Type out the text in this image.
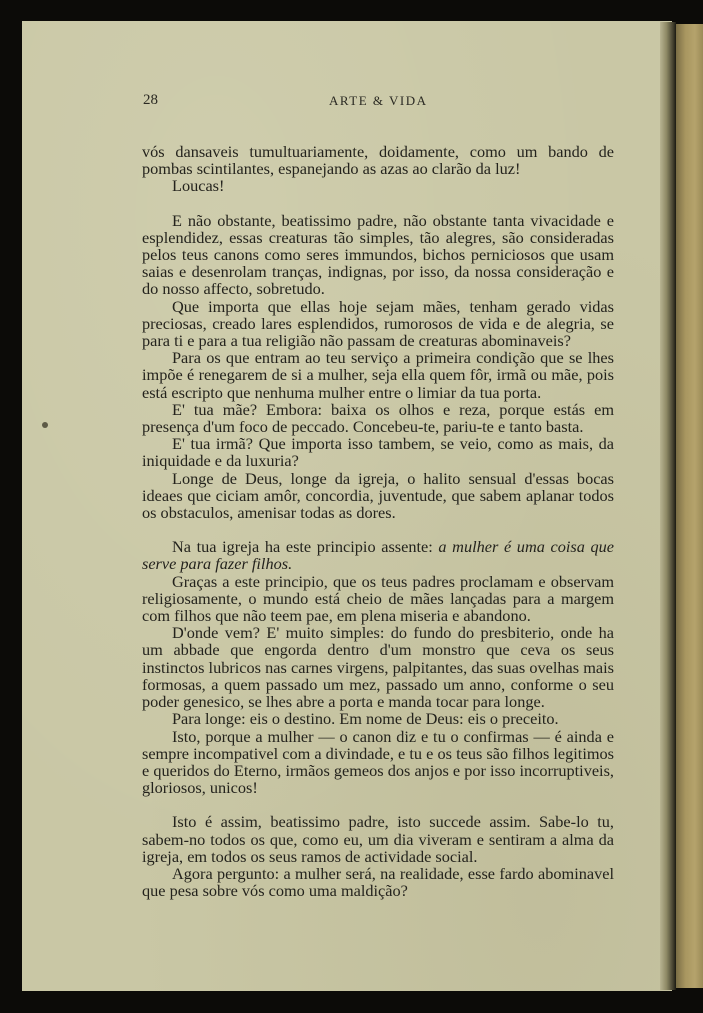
28	ARTE & VIDA

vós dansaveis tumultuariamente, doidamente, como um bando de pombas scintilantes, espanejando as azas ao clarão da luz!

Loucas!

E não obstante, beatissimo padre, não obstante tanta vivacidade e esplendidez, essas creaturas tão simples, tão alegres, são consideradas pelos teus canons como seres immundos, bichos perniciosos que usam saias e desenrolam tranças, indignas, por isso, da nossa consideração e do nosso affecto, sobretudo.

Que importa que ellas hoje sejam mães, tenham gerado vidas preciosas, creado lares esplendidos, rumorosos de vida e de alegria, se para ti e para a tua religião não passam de creaturas abominaveis?

Para os que entram ao teu serviço a primeira condição que se lhes impõe é renegarem de si a mulher, seja ella quem fôr, irmã ou mãe, pois está escripto que nenhuma mulher entre o limiar da tua porta.

E' tua mãe? Embora: baixa os olhos e reza, porque estás em presença d'um foco de peccado. Concebeu-te, pariu-te e tanto basta.

E' tua irmã? Que importa isso tambem, se veio, como as mais, da iniquidade e da luxuria?

Longe de Deus, longe da igreja, o halito sensual d'essas bocas ideaes que ciciam amôr, concordia, juventude, que sabem aplanar todos os obstaculos, amenisar todas as dores.

Na tua igreja ha este principio assente: a mulher é uma coisa que serve para fazer filhos.

Graças a este principio, que os teus padres proclamam e observam religiosamente, o mundo está cheio de mães lançadas para a margem com filhos que não teem pae, em plena miseria e abandono.

D'onde vem? E' muito simples: do fundo do presbiterio, onde ha um abbade que engorda dentro d'um monstro que ceva os seus instinctos lubricos nas carnes virgens, palpitantes, das suas ovelhas mais formosas, a quem passado um mez, passado um anno, conforme o seu poder genesico, se lhes abre a porta e manda tocar para longe.

Para longe: eis o destino. Em nome de Deus: eis o preceito.

Isto, porque a mulher — o canon diz e tu o confirmas — é ainda e sempre incompativel com a divindade, e tu e os teus são filhos legitimos e queridos do Eterno, irmãos gemeos dos anjos e por isso incorruptiveis, gloriosos, unicos!

Isto é assim, beatissimo padre, isto succede assim. Sabe-lo tu, sabem-no todos os que, como eu, um dia viveram e sentiram a alma da igreja, em todos os seus ramos de actividade social.

Agora pergunto: a mulher será, na realidade, esse fardo abominavel que pesa sobre vós como uma maldição?
